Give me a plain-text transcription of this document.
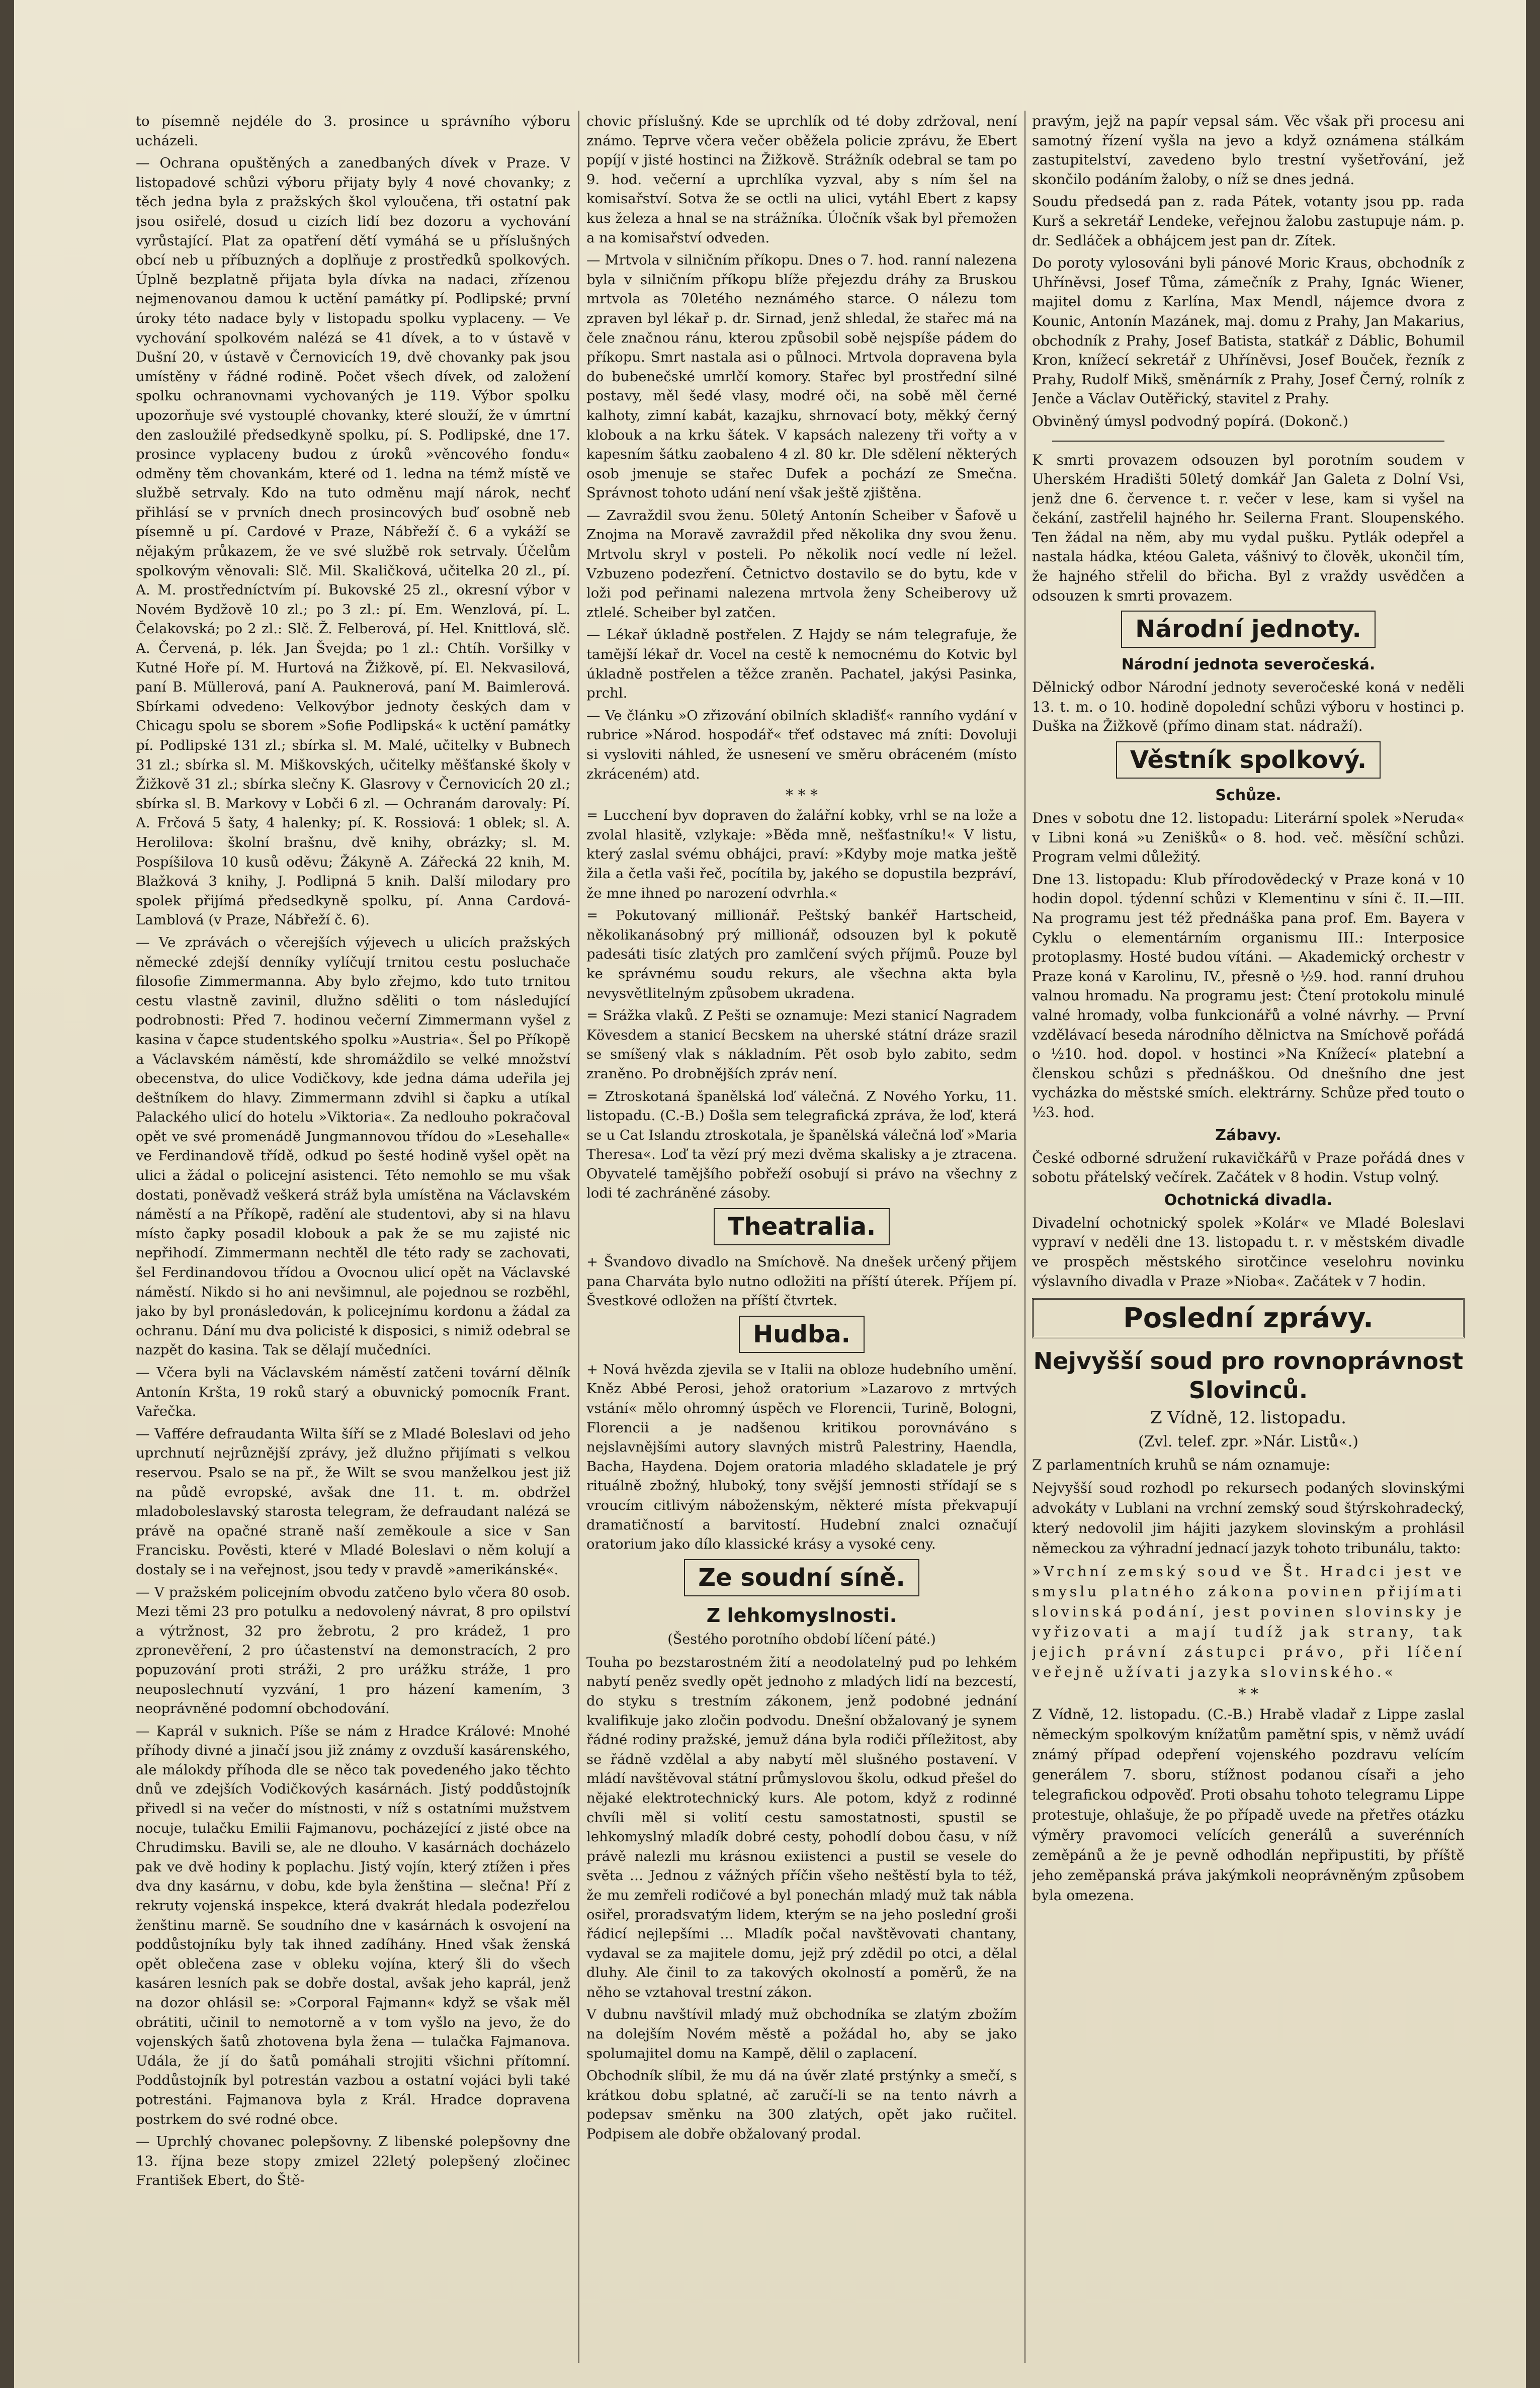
to písemně nejdéle do 3. prosince u správního výboru ucházeli.

— Ochrana opuštěných a zanedbaných dívek v Praze. V listopadové schůzi výboru přijaty byly 4 nové chovanky; z těch jedna byla z pražských škol vyloučena, tři ostatní pak jsou osiřelé, dosud u cizích lidí bez dozoru a vychování vyrůstající. Plat za opatření dětí vymáhá se u příslušných obcí neb u příbuzných a doplňuje z prostředků spolkových. Úplně bezplatně přijata byla dívka na nadaci, zřízenou nejmenovanou damou k uctění památky pí. Podlipské; první úroky této nadace byly v listopadu spolku vyplaceny. — Ve vychování spolkovém nalézá se 41 dívek, a to v ústavě v Dušní 20, v ústavě v Černovicích 19, dvě chovanky pak jsou umístěny v řádné rodině. Počet všech dívek, od založení spolku ochranovnami vychovaných je 119. Výbor spolku upozorňuje své vystouplé chovanky, které slouží, že v úmrtní den zasloužilé předsedkyně spolku, pí. S. Podlipské, dne 17. prosince vyplaceny budou z úroků »věncového fondu« odměny těm chovankám, které od 1. ledna na témž místě ve službě setrvaly. Kdo na tuto odměnu mají nárok, nechť přihlásí se v prvních dnech prosincových buď osobně neb písemně u pí. Cardové v Praze, Nábřeží č. 6 a vykáží se nějakým průkazem, že ve své službě rok setrvaly. Účelům spolkovým věnovali: Slč. Mil. Skaličková, učitelka 20 zl., pí. A. M. prostředníctvím pí. Bukovské 25 zl., okresní výbor v Novém Bydžově 10 zl.; po 3 zl.: pí. Em. Wenzlová, pí. L. Čelakovská; po 2 zl.: Slč. Ž. Felberová, pí. Hel. Knittlová, slč. A. Červená, p. lék. Jan Švejda; po 1 zl.: Chtíh. Voršilky v Kutné Hoře pí. M. Hurtová na Žižkově, pí. El. Nekvasilová, paní B. Müllerová, paní A. Pauknerová, paní M. Baimlerová. Sbírkami odvedeno: Velkovýbor jednoty českých dam v Chicagu spolu se sborem »Sofie Podlipská« k uctění památky pí. Podlipské 131 zl.; sbírka sl. M. Malé, učitelky v Bubnech 31 zl.; sbírka sl. M. Miškovských, učitelky měšťanské školy v Žižkově 31 zl.; sbírka slečny K. Glasrovy v Černovicích 20 zl.; sbírka sl. B. Markovy v Lobči 6 zl. — Ochranám darovaly: Pí. A. Frčová 5 šaty, 4 halenky; pí. K. Rossiová: 1 oblek; sl. A. Herolilova: školní brašnu, dvě knihy, obrázky; sl. M. Pospíšilova 10 kusů oděvu; Žákyně A. Zářecká 22 knih, M. Blažková 3 knihy, J. Podlipná 5 knih. Další milodary pro spolek přijímá předsedkyně spolku, pí. Anna Cardová-Lamblová (v Praze, Nábřeží č. 6).

— Ve zprávách o včerejších výjevech u ulicích pražských německé zdejší denníky vylíčují trnitou cestu posluchače filosofie Zimmermanna. Aby bylo zřejmo, kdo tuto trnitou cestu vlastně zavinil, dlužno sděliti o tom následující podrobnosti: Před 7. hodinou večerní Zimmermann vyšel z kasina v čapce studentského spolku »Austria«. Šel po Příkopě a Václavském náměstí, kde shromáždilo se velké množství obecenstva, do ulice Vodičkovy, kde jedna dáma udeřila jej deštníkem do hlavy. Zimmermann zdvihl si čapku a utíkal Palackého ulicí do hotelu »Viktoria«. Za nedlouho pokračoval opět ve své promenádě Jungmannovou třídou do »Lesehalle« ve Ferdinandově třídě, odkud po šesté hodině vyšel opět na ulici a žádal o policejní asistenci. Této nemohlo se mu však dostati, poněvadž veškerá stráž byla umístěna na Václavském náměstí a na Příkopě, radění ale studentovi, aby si na hlavu místo čapky posadil klobouk a pak že se mu zajisté nic nepřihodí. Zimmermann nechtěl dle této rady se zachovati, šel Ferdinandovou třídou a Ovocnou ulicí opět na Václavské náměstí. Nikdo si ho ani nevšimnul, ale pojednou se rozběhl, jako by byl pronásledován, k policejnímu kordonu a žádal za ochranu. Dání mu dva policisté k disposici, s nimiž odebral se nazpět do kasina. Tak se dělají mučedníci.

— Včera byli na Václavském náměstí zatčeni tovární dělník Antonín Kršta, 19 roků starý a obuvnický pomocník Frant. Vařečka.

— Vaffére defraudanta Wilta šíří se z Mladé Boleslavi od jeho uprchnutí nejrůznější zprávy, jež dlužno přijímati s velkou reservou. Psalo se na př., že Wilt se svou manželkou jest již na půdě evropské, avšak dne 11. t. m. obdržel mladoboleslavský starosta telegram, že defraudant nalézá se právě na opačné straně naší zeměkoule a sice v San Francisku. Pověsti, které v Mladé Boleslavi o něm kolují a dostaly se i na veřejnost, jsou tedy v pravdě »amerikánské«.

— V pražském policejním obvodu zatčeno bylo včera 80 osob. Mezi těmi 23 pro potulku a nedovolený návrat, 8 pro opilství a výtržnost, 32 pro žebrotu, 2 pro krádež, 1 pro zpronevěření, 2 pro účastenství na demonstracích, 2 pro popuzování proti stráži, 2 pro urážku stráže, 1 pro neuposlechnutí vyzvání, 1 pro házení kamením, 3 neoprávněné podomní obchodování.

— Kaprál v suknich. Píše se nám z Hradce Králové: Mnohé příhody divné a jinačí jsou již známy z ovzduší kasárenského, ale málokdy příhoda dle se něco tak povedeného jako těchto dnů ve zdejších Vodičkových kasárnách. Jistý poddůstojník přivedl si na večer do místnosti, v níž s ostatními mužstvem nocuje, tulačku Emilii Fajmanovu, pocházející z jisté obce na Chrudimsku. Bavili se, ale ne dlouho. V kasárnách docházelo pak ve dvě hodiny k poplachu. Jistý vojín, který ztížen i přes dva dny kasárnu, v dobu, kde byla ženština — slečna! Pří z rekruty vojenská inspekce, která dvakrát hledala podezřelou ženštinu marně. Se soudního dne v kasárnách k osvojení na poddůstojníku byly tak ihned zadíhány. Hned však ženská opět oblečena zase v obleku vojína, který šli do všech kasáren lesních pak se dobře dostal, avšak jeho kaprál, jenž na dozor ohlásil se: »Corporal Fajmann« když se však měl obrátiti, učinil to nemotorně a v tom vyšlo na jevo, že do vojenských šatů zhotovena byla žena — tulačka Fajmanova. Udála, že jí do šatů pomáhali strojiti všichni přítomní. Poddůstojník byl potrestán vazbou a ostatní vojáci byli také potrestáni. Fajmanova byla z Král. Hradce dopravena postrkem do své rodné obce.

— Uprchlý chovanec polepšovny. Z libenské polepšovny dne 13. října beze stopy zmizel 22letý polepšený zločinec František Ebert, do Ště-

chovic příslušný. Kde se uprchlík od té doby zdržoval, není známo. Teprve včera večer oběžela policie zprávu, že Ebert popíjí v jisté hostinci na Žižkově. Strážník odebral se tam po 9. hod. večerní a uprchlíka vyzval, aby s ním šel na komisařství. Sotva že se octli na ulici, vytáhl Ebert z kapsy kus železa a hnal se na strážníka. Úločník však byl přemožen a na komisařství odveden.

— Mrtvola v silničním příkopu. Dnes o 7. hod. ranní nalezena byla v silničním příkopu blíže přejezdu dráhy za Bruskou mrtvola as 70letého neznámého starce. O nálezu tom zpraven byl lékař p. dr. Sirnad, jenž shledal, že stařec má na čele značnou ránu, kterou způsobil sobě nejspíše pádem do příkopu. Smrt nastala asi o půlnoci. Mrtvola dopravena byla do bubenečské umrlčí komory. Stařec byl prostřední silné postavy, měl šedé vlasy, modré oči, na sobě měl černé kalhoty, zimní kabát, kazajku, shrnovací boty, měkký černý klobouk a na krku šátek. V kapsách nalezeny tři vořty a v kapesním šátku zaobaleno 4 zl. 80 kr. Dle sdělení některých osob jmenuje se stařec Dufek a pochází ze Smečna. Správnost tohoto udání není však ještě zjištěna.

— Zavraždil svou ženu. 50letý Antonín Scheiber v Šafově u Znojma na Moravě zavraždil před několika dny svou ženu. Mrtvolu skryl v posteli. Po několik nocí vedle ní ležel. Vzbuzeno podezření. Četnictvo dostavilo se do bytu, kde v loži pod peřinami nalezena mrtvola ženy Scheiberovy už ztlelé. Scheiber byl zatčen.

— Lékař úkladně postřelen. Z Hajdy se nám telegrafuje, že tamější lékař dr. Vocel na cestě k nemocnému do Kotvic byl úkladně postřelen a těžce zraněn. Pachatel, jakýsi Pasinka, prchl.

— Ve článku »O zřizování obilních skladišť« ranního vydání v rubrice »Národ. hospodář« třeť odstavec má zníti: Dovoluji si vysloviti náhled, že usnesení ve směru obráceném (místo zkráceném) atd.

* * *

= Lucchení byv dopraven do žalářní kobky, vrhl se na lože a zvolal hlasitě, vzlykaje: »Běda mně, nešťastníku!« V listu, který zaslal svému obhájci, praví: »Kdyby moje matka ještě žila a četla vaši řeč, pocítila by, jakého se dopustila bezpráví, že mne ihned po narození odvrhla.«

= Pokutovaný millionář. Peštský bankéř Hartscheid, několikanásobný prý millionář, odsouzen byl k pokutě padesáti tisíc zlatých pro zamlčení svých příjmů. Pouze byl ke správnému soudu rekurs, ale všechna akta byla nevysvětlitelným způsobem ukradena.

= Srážka vlaků. Z Pešti se oznamuje: Mezi stanicí Nagradem Kövesdem a stanicí Becskem na uherské státní dráze srazil se smíšený vlak s nákladním. Pět osob bylo zabito, sedm zraněno. Po drobnějších zpráv není.

= Ztroskotaná španělská loď válečná. Z Nového Yorku, 11. listopadu. (C.-B.) Došla sem telegrafická zpráva, že loď, která se u Cat Islandu ztroskotala, je španělská válečná loď »Maria Theresa«. Loď ta vězí prý mezi dvěma skalisky a je ztracena. Obyvatelé tamějšího pobřeží osobují si právo na všechny z lodi té zachráněné zásoby.

Theatralia.

+ Švandovo divadlo na Smíchově. Na dnešek určený přijem pana Charváta bylo nutno odložiti na příští úterek. Příjem pí. Švestkové odložen na příští čtvrtek.

Hudba.

+ Nová hvězda zjevila se v Italii na obloze hudebního umění. Kněz Abbé Perosi, jehož oratorium »Lazarovo z mrtvých vstání« mělo ohromný úspěch ve Florencii, Turině, Bologni, Florencii a je nadšenou kritikou porovnáváno s nejslavnějšími autory slavných mistrů Palestriny, Haendla, Bacha, Haydena. Dojem oratoria mladého skladatele je prý rituálně zbožný, hluboký, tony svější jemnosti střídají se s vroucím citlivým náboženským, některé místa překvapují dramatičností a barvitostí. Hudební znalci označují oratorium jako dílo klassické krásy a vysoké ceny.

Ze soudní síně.
Z lehkomyslnosti.
(Šestého porotního období líčení páté.)

Touha po bezstarostném žití a neodolatelný pud po lehkém nabytí peněz svedly opět jednoho z mladých lidí na bezcestí, do styku s trestním zákonem, jenž podobné jednání kvalifikuje jako zločin podvodu. Dnešní obžalovaný je synem řádné rodiny pražské, jemuž dána byla rodiči příležitost, aby se řádně vzdělal a aby nabytí měl slušného postavení. V mládí navštěvoval státní průmyslovou školu, odkud přešel do nějaké elektrotechnický kurs. Ale potom, když z rodinné chvíli měl si volití cestu samostatnosti, spustil se lehkomyslný mladík dobré cesty, pohodlí dobou času, v níž právě nalezli mu krásnou exiistenci a pustil se vesele do světa … Jednou z vážných příčin všeho neštěstí byla to též, že mu zemřeli rodičové a byl ponechán mladý muž tak nábla osiřel, proradsvatým lidem, kterým se na jeho poslední groši řádicí nejlepšími … Mladík počal navštěvovati chantany, vydaval se za majitele domu, jejž prý zdědil po otci, a dělal dluhy. Ale činil to za takových okolností a poměrů, že na něho se vztahoval trestní zákon.

V dubnu navštívil mladý muž obchodníka se zlatým zbožím na dolejším Novém městě a požádal ho, aby se jako spolumajitel domu na Kampě, dělil o zaplacení.

Obchodník slíbil, že mu dá na úvěr zlaté prstýnky a smečí, s krátkou dobu splatné, ač zaručí-li se na tento návrh a podepsav směnku na 300 zlatých, opět jako ručitel. Podpisem ale dobře obžalovaný prodal.

pravým, jejž na papír vepsal sám. Věc však při procesu ani samotný řízení vyšla na jevo a když oznámena stálkám zastupitelství, zavedeno bylo trestní vyšetřování, jež skončilo podáním žaloby, o níž se dnes jedná.

Soudu předsedá pan z. rada Pátek, votanty jsou pp. rada Kurš a sekretář Lendeke, veřejnou žalobu zastupuje nám. p. dr. Sedláček a obhájcem jest pan dr. Zítek.

Do poroty vylosováni byli pánové Moric Kraus, obchodník z Uhříněvsi, Josef Tůma, zámečník z Prahy, Ignác Wiener, majitel domu z Karlína, Max Mendl, nájemce dvora z Kounic, Antonín Mazánek, maj. domu z Prahy, Jan Makarius, obchodník z Prahy, Josef Batista, statkář z Dáblic, Bohumil Kron, knížecí sekretář z Uhříněvsi, Josef Bouček, řezník z Prahy, Rudolf Mikš, směnárník z Prahy, Josef Černý, rolník z Jenče a Václav Outěřický, stavitel z Prahy.

Obviněný úmysl podvodný popírá. (Dokonč.)

K smrti provazem odsouzen byl porotním soudem v Uherském Hradišti 50letý domkář Jan Galeta z Dolní Vsi, jenž dne 6. července t. r. večer v lese, kam si vyšel na čekání, zastřelil hajného hr. Seilerna Frant. Sloupenského. Ten žádal na něm, aby mu vydal pušku. Pytlák odepřel a nastala hádka, ktéou Galeta, vášnivý to člověk, ukončil tím, že hajného střelil do břicha. Byl z vraždy usvědčen a odsouzen k smrti provazem.

Národní jednoty.
Národní jednota severočeská.

Dělnický odbor Národní jednoty severočeské koná v neděli 13. t. m. o 10. hodině dopolední schůzi výboru v hostinci p. Duška na Žižkově (přímo dinam stat. nádraží).

Věstník spolkový.
Schůze.

Dnes v sobotu dne 12. listopadu: Literární spolek »Neruda« v Libni koná »u Zenišků« o 8. hod. več. měsíční schůzi. Program velmi důležitý.

Dne 13. listopadu: Klub přírodovědecký v Praze koná v 10 hodin dopol. týdenní schůzi v Klementinu v síni č. II.—III. Na programu jest též přednáška pana prof. Em. Bayera v Cyklu o elementárním organismu III.: Interposice protoplasmy. Hosté budou vítáni. — Akademický orchestr v Praze koná v Karolinu, IV., přesně o ½9. hod. ranní druhou valnou hromadu. Na programu jest: Čtení protokolu minulé valné hromady, volba funkcionářů a volné návrhy. — První vzdělávací beseda národního dělnictva na Smíchově pořádá o ½10. hod. dopol. v hostinci »Na Knížecí« platební a členskou schůzi s přednáškou. Od dnešního dne jest vycházka do městské smích. elektrárny. Schůze před touto o ½3. hod.

Zábavy.

České odborné sdružení rukavičkářů v Praze pořádá dnes v sobotu přátelský večírek. Začátek v 8 hodin. Vstup volný.

Ochotnická divadla.

Divadelní ochotnický spolek »Kolár« ve Mladé Boleslavi vypraví v neděli dne 13. listopadu t. r. v městském divadle ve prospěch městského sirotčince veselohru novinku výslavního divadla v Praze »Nioba«. Začátek v 7 hodin.

Poslední zprávy.
Nejvyšší soud pro rovnoprávnost Slovinců.
Z Vídně, 12. listopadu.
(Zvl. telef. zpr. »Nár. Listů«.)

Z parlamentních kruhů se nám oznamuje:

Nejvyšší soud rozhodl po rekursech podaných slovinskými advokáty v Lublani na vrchní zemský soud štýrskohradecký, který nedovolil jim hájiti jazykem slovinským a prohlásil německou za výhradní jednací jazyk tohoto tribunálu, takto:

»Vrchní zemský soud ve Št. Hradci jest ve smyslu platného zákona povinen přijímati slovinská podání, jest povinen slovinsky je vyřizovati a mají tudíž jak strany, tak jejich právní zástupci právo, při líčení veřejně užívati jazyka slovinského.«

* *

Z Vídně, 12. listopadu. (C.-B.) Hrabě vladař z Lippe zaslal německým spolkovým knížatům pamětní spis, v němž uvádí známý případ odepření vojenského pozdravu velícím generálem 7. sboru, stížnost podanou císaři a jeho telegrafickou odpověď. Proti obsahu tohoto telegramu Lippe protestuje, ohlašuje, že po případě uvede na přetřes otázku výměry pravomoci velících generálů a suverénních zeměpánů a že je pevně odhodlán nepřipustiti, by příště jeho zeměpanská práva jakýmkoli neoprávněným způsobem byla omezena.
